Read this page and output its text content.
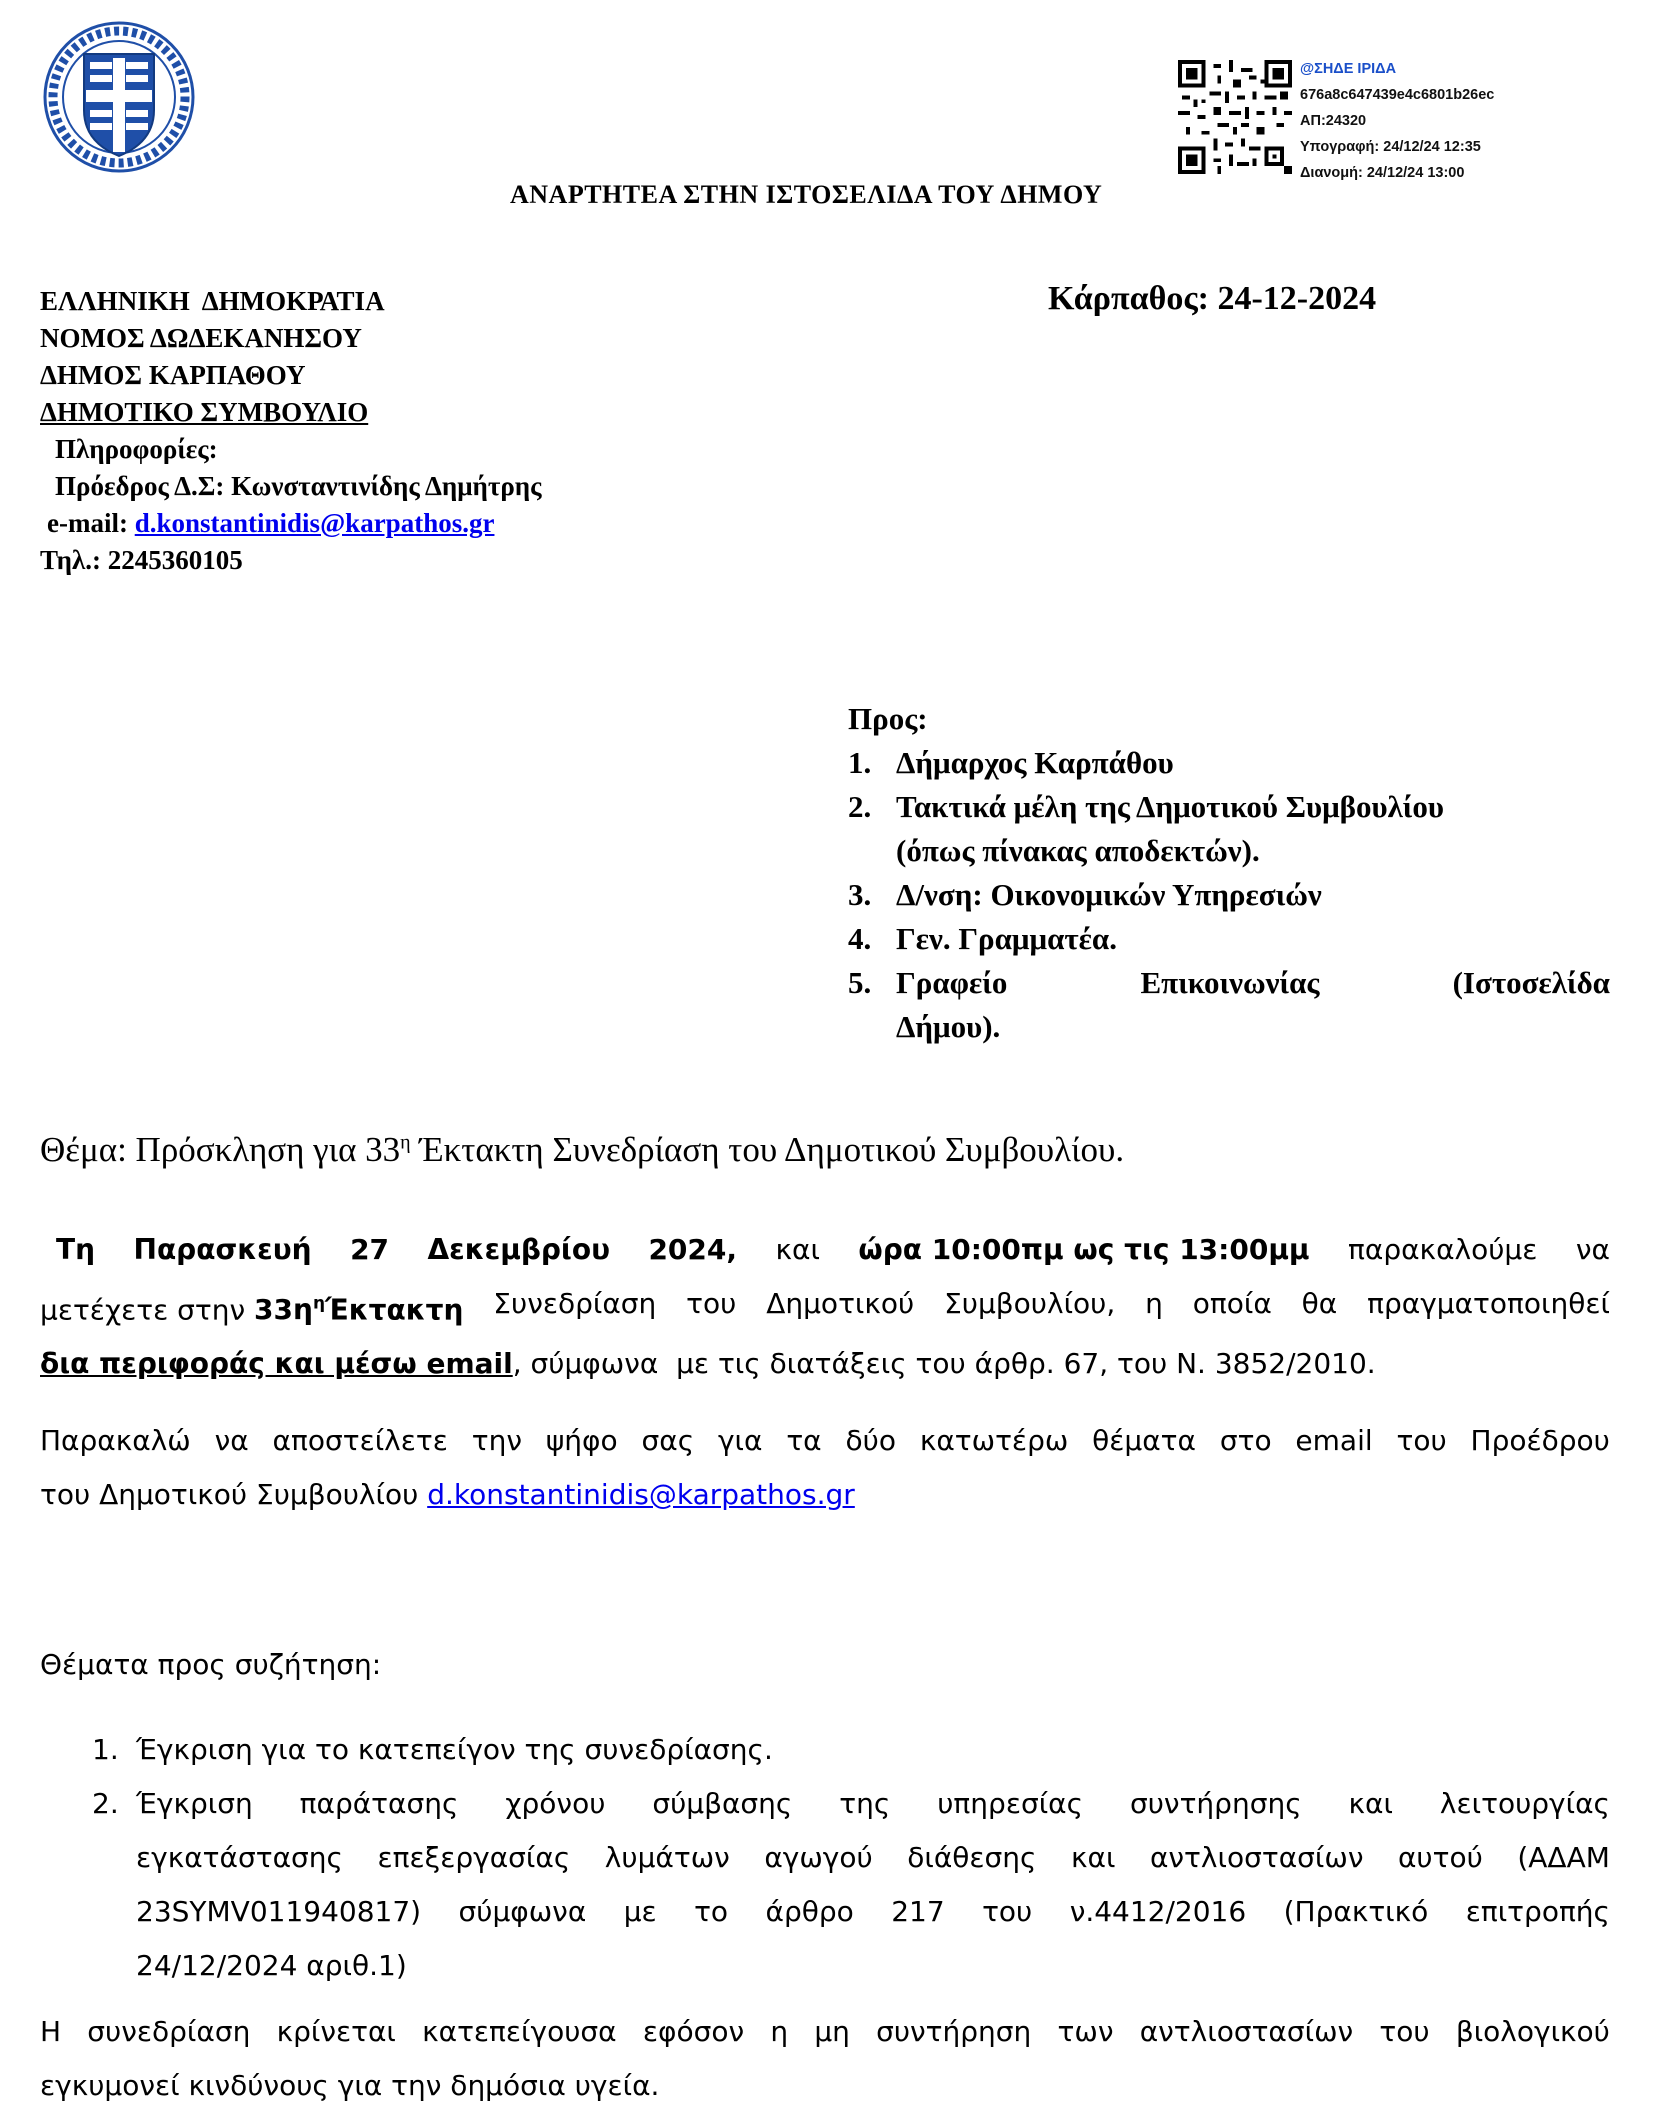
@ΣΗΔΕ ΙΡΙΔΑ
676a8c647439e4c6801b26ec
ΑΠ:24320
Υπογραφή: 24/12/24 12:35
Διανομή: 24/12/24 13:00
ΑΝΑΡΤΗΤΕΑ ΣΤΗΝ ΙΣΤΟΣΕΛΙΔΑ ΤΟΥ ΔΗΜΟΥ
ΕΛΛΗΝΙΚΗ  ΔΗΜΟΚΡΑΤΙΑ
ΝΟΜΟΣ ΔΩΔΕΚΑΝΗΣΟΥ
ΔΗΜΟΣ ΚΑΡΠΑΘΟΥ
ΔΗΜΟΤΙΚΟ ΣΥΜΒΟΥΛΙΟ
Πληροφορίες:
Πρόεδρος Δ.Σ: Κωνσταντινίδης Δημήτρης
e-mail: d.konstantinidis@karpathos.gr
Τηλ.: 2245360105
Κάρπαθος: 24-12-2024
Προς:
1. Δήμαρχος Καρπάθου
2. Τακτικά μέλη της Δημοτικού Συμβουλίου
(όπως πίνακας αποδεκτών).
3. Δ/νση: Οικονομικών Υπηρεσιών
4. Γεν. Γραμματέα.
5. Γραφείο	Επικοινωνίας	(Ιστοσελίδα
Δήμου).
Θέμα: Πρόσκληση για $33^\eta$ Έκτακτη Συνεδρίαση του Δημοτικού Συμβουλίου.
Τη Παρασκευή 27 Δεκεμβρίου 2024, και ώρα 10:00πμ ως τις 13:00μμ παρακαλούμε να
μετέχετε στην $33\eta^\eta Έ\kappa\tau\alpha\kappa\tau\eta$ Συνεδρίαση του Δημοτικού Συμβουλίου, η οποία θα πραγματοποιηθεί
δια περιφοράς και μέσω email, σύμφωνα  με τις διατάξεις του άρθρ. 67, του Ν. 3852/2010.
Παρακαλώ να αποστείλετε την ψήφο σας για τα δύο κατωτέρω θέματα στο email του Προέδρου
του Δημοτικού Συμβουλίου d.konstantinidis@karpathos.gr
Θέματα προς συζήτηση:
1. Έγκριση για το κατεπείγον της συνεδρίασης.
2. Έγκριση παράτασης χρόνου σύμβασης της υπηρεσίας συντήρησης και λειτουργίας
εγκατάστασης επεξεργασίας λυμάτων αγωγού διάθεσης και αντλιοστασίων αυτού (ΑΔΑΜ
23SYMV011940817) σύμφωνα με το άρθρο 217 του ν.4412/2016 (Πρακτικό επιτροπής
24/12/2024 αριθ.1)
Η συνεδρίαση κρίνεται κατεπείγουσα εφόσον η μη συντήρηση των αντλιοστασίων του βιολογικού
εγκυμονεί κινδύνους για την δημόσια υγεία.
